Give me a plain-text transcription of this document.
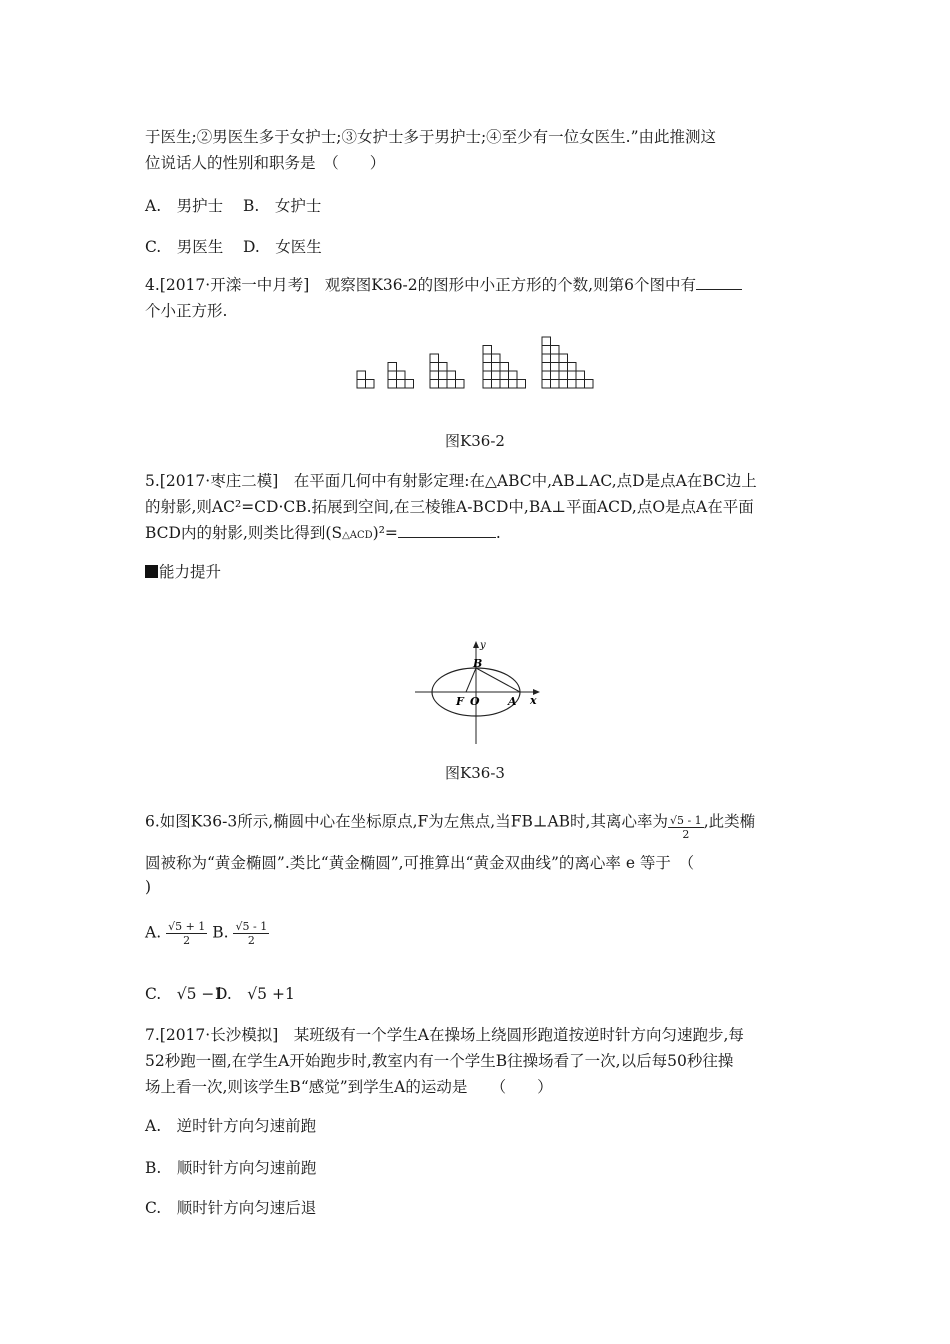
于医生;②男医生多于女护士;③女护士多于男护士;④至少有一位女医生.”由此推测这
位说话人的性别和职务是　（　　）
A.　男护士 B.　女护士
C.　男医生 D.　女医生
4.[2017·开滦一中月考]　观察图K36-2的图形中小正方形的个数,则第6个图中有
个小正方形.
图K36-2
5.[2017·枣庄二模]　在平面几何中有射影定理:在△ABC中,AB⊥AC,点D是点A在BC边上
的射影,则AC²=CD·CB.拓展到空间,在三棱锥A-BCD中,BA⊥平面ACD,点O是点A在平面
BCD内的射影,则类比得到(S△ACD)²=	.
能力提升
y
B
F O	A x
图K36-3
6.如图K36-3所示,椭圆中心在坐标原点,F为左焦点,当FB⊥AB时,其离心率为 $\frac{√5 - 1}{2}$ ,此类椭
圆被称为“黄金椭圆”.类比“黄金椭圆”,可推算出“黄金双曲线”的离心率 e 等于　（
)
A. $\frac{√5 + 1}{2} B$. $\frac{√5 - 1}{2}$
C.　√5 −1
D.　√5 +1
7.[2017·长沙模拟]　某班级有一个学生A在操场上绕圆形跑道按逆时针方向匀速跑步,每
52秒跑一圈,在学生A开始跑步时,教室内有一个学生B往操场看了一次,以后每50秒往操
场上看一次,则该学生B“感觉”到学生A的运动是　　（　　）
A.　逆时针方向匀速前跑
B.　顺时针方向匀速前跑
C.　顺时针方向匀速后退
